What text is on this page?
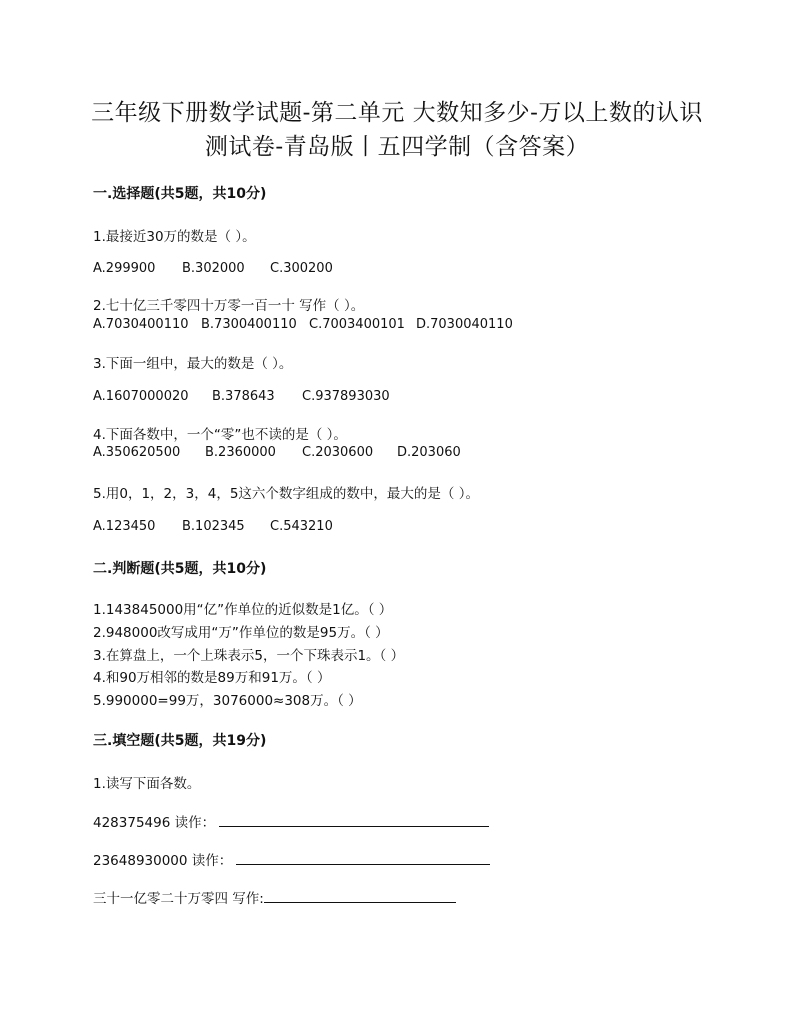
三年级下册数学试题-第二单元 大数知多少-万以上数的认识
测试卷-青岛版丨五四学制（含答案）
一.选择题(共5题，共10分)
1.最接近30万的数是（ ）。
A.299900 B.302000 C.300200
2.七十亿三千零四十万零一百一十 写作（ ）。
A.7030400110 B.7300400110 C.7003400101 D.7030040110
3.下面一组中，最大的数是（ ）。
A.1607000020 B.378643 C.937893030
4.下面各数中，一个“零”也不读的是（ ）。
A.350620500 B.2360000 C.2030600 D.203060
5.用0，1，2，3，4，5这六个数字组成的数中，最大的是（ ）。
A.123450 B.102345 C.543210
二.判断题(共5题，共10分)
1.143845000用“亿”作单位的近似数是1亿。（ ）
2.948000改写成用“万”作单位的数是95万。（ ）
3.在算盘上，一个上珠表示5，一个下珠表示1。（ ）
4.和90万相邻的数是89万和91万。（ ）
5.990000=99万，3076000≈308万。（ ）
三.填空题(共5题，共19分)
1.读写下面各数。
428375496 读作：
23648930000 读作：
三十一亿零二十万零四 写作:
